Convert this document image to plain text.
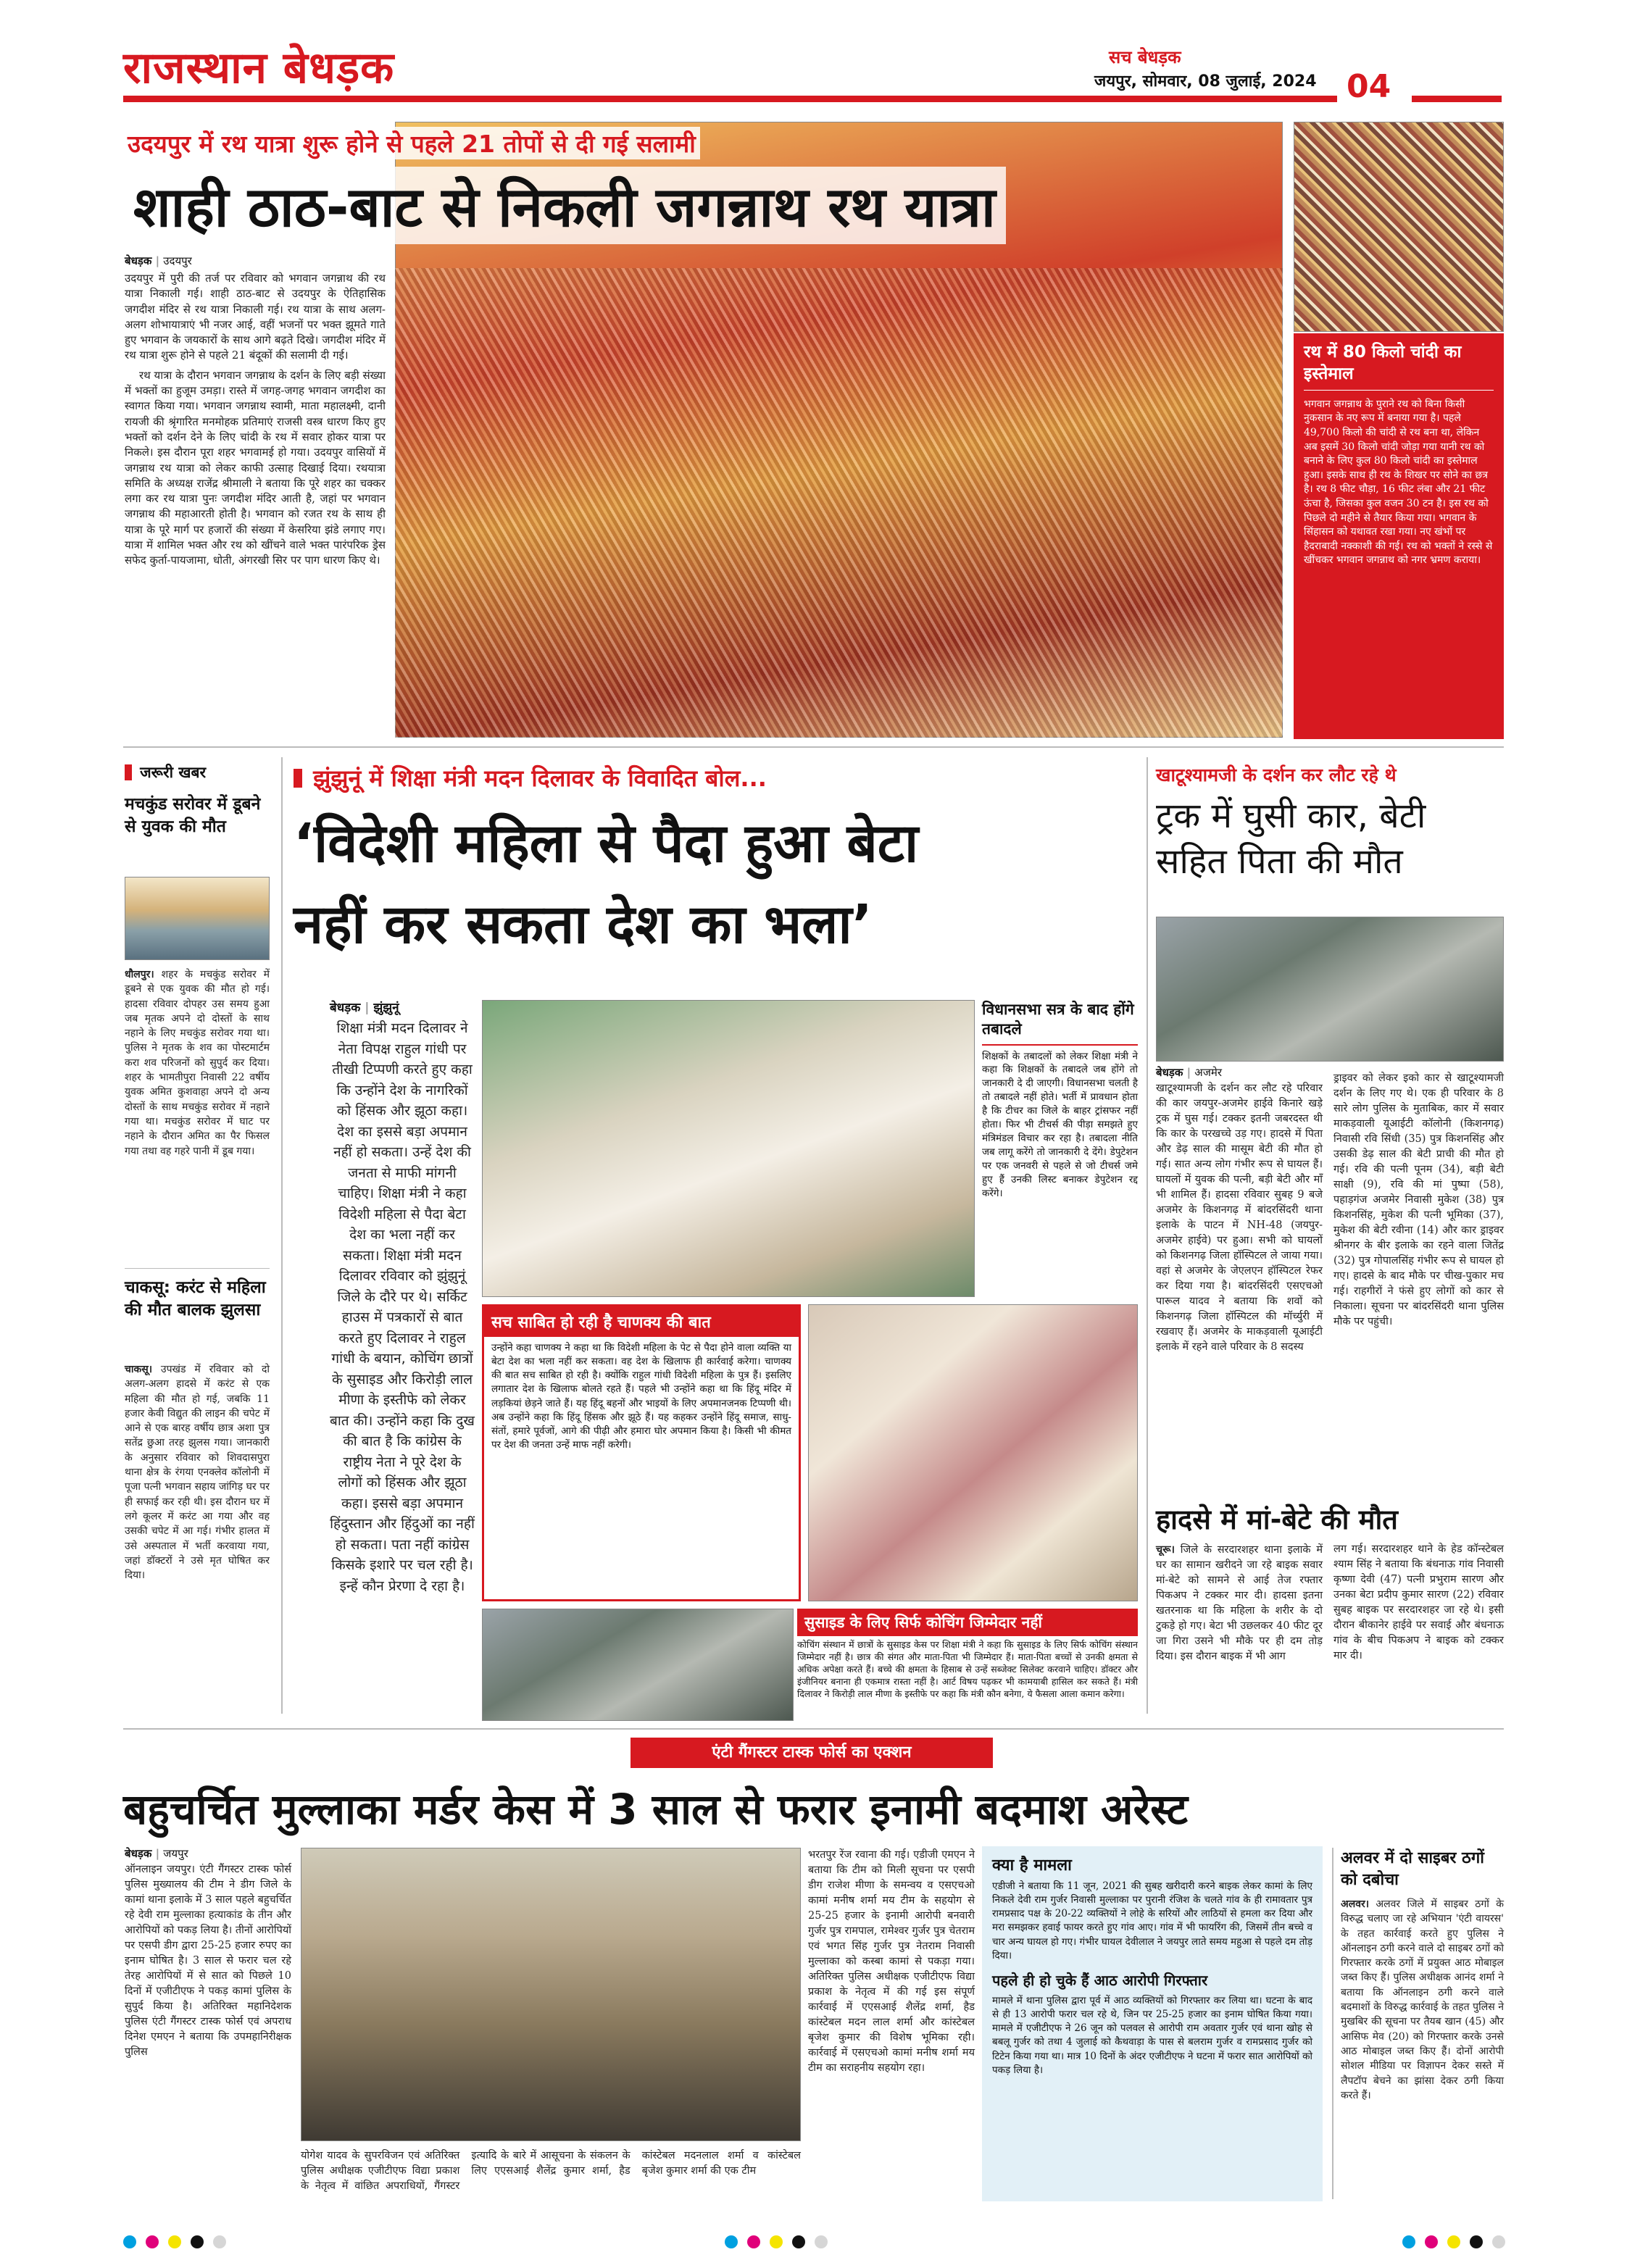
राजस्थान बेधड़क	सच बेधड़क
जयपुर, सोमवार, 08 जुलाई, 2024 04
उदयपुर में रथ यात्रा शुरू होने से पहले 21 तोपों से दी गई सलामी
शाही ठाठ-बाट से निकली जगन्नाथ रथ यात्रा
बेधड़क | उदयपुर

उदयपुर में पुरी की तर्ज पर रविवार को भगवान जगन्नाथ की रथ यात्रा निकाली गई। शाही ठाठ-बाट से उदयपुर के ऐतिहासिक जगदीश मंदिर से रथ यात्रा निकाली गई। रथ यात्रा के साथ अलग-अलग शोभायात्राएं भी नजर आई, वहीं भजनों पर भक्त झूमते गाते हुए भगवान के जयकारों के साथ आगे बढ़ते दिखे। जगदीश मंदिर में रथ यात्रा शुरू होने से पहले 21 बंदूकों की सलामी दी गई।

रथ यात्रा के दौरान भगवान जगन्नाथ के दर्शन के लिए बड़ी संख्या में भक्तों का हुजूम उमड़ा। रास्ते में जगह-जगह भगवान जगदीश का स्वागत किया गया। भगवान जगन्नाथ स्वामी, माता महालक्ष्मी, दानी रायजी की श्रृंगारित मनमोहक प्रतिमाएं राजसी वस्त्र धारण किए हुए भक्तों को दर्शन देने के लिए चांदी के रथ में सवार होकर यात्रा पर निकले। इस दौरान पूरा शहर भगवामई हो गया। उदयपुर वासियों में जगन्नाथ रथ यात्रा को लेकर काफी उत्साह दिखाई दिया। रथयात्रा समिति के अध्यक्ष राजेंद्र श्रीमाली ने बताया कि पूरे शहर का चक्कर लगा कर रथ यात्रा पुनः जगदीश मंदिर आती है, जहां पर भगवान जगन्नाथ की महाआरती होती है। भगवान को रजत रथ के साथ ही यात्रा के पूरे मार्ग पर हजारों की संख्या में केसरिया झंडे लगाए गए। यात्रा में शामिल भक्त और रथ को खींचने वाले भक्त पारंपरिक ड्रेस सफेद कुर्ता-पायजामा, धोती, अंगरखी सिर पर पाग धारण किए थे।

रथ में 80 किलो चांदी का इस्तेमाल
भगवान जगन्नाथ के पुराने रथ को बिना किसी नुकसान के नए रूप में बनाया गया है। पहले 49,700 किलो की चांदी से रथ बना था, लेकिन अब इसमें 30 किलो चांदी जोड़ा गया यानी रथ को बनाने के लिए कुल 80 किलो चांदी का इस्तेमाल हुआ। इसके साथ ही रथ के शिखर पर सोने का छत्र है। रथ 8 फीट चौड़ा, 16 फीट लंबा और 21 फीट ऊंचा है, जिसका कुल वजन 30 टन है। इस रथ को पिछले दो महीने से तैयार किया गया। भगवान के सिंहासन को यथावत रखा गया। नए खंभों पर हैदराबादी नक्काशी की गई। रथ को भक्तों ने रस्से से खींचकर भगवान जगन्नाथ को नगर भ्रमण कराया।
जरूरी खबर
मचकुंड सरोवर में डूबने से युवक की मौत
धौलपुर। शहर के मचकुंड सरोवर में डूबने से एक युवक की मौत हो गई। हादसा रविवार दोपहर उस समय हुआ जब मृतक अपने दो दोस्तों के साथ नहाने के लिए मचकुंड सरोवर गया था। पुलिस ने मृतक के शव का पोस्टमार्टम करा शव परिजनों को सुपुर्द कर दिया। शहर के भामतीपुरा निवासी 22 वर्षीय युवक अमित कुशवाहा अपने दो अन्य दोस्तों के साथ मचकुंड सरोवर में नहाने गया था। मचकुंड सरोवर में घाट पर नहाने के दौरान अमित का पैर फिसल गया तथा वह गहरे पानी में डूब गया।
चाकसू: करंट से महिला की मौत बालक झुलसा
चाकसू। उपखंड में रविवार को दो अलग-अलग हादसे में करंट से एक महिला की मौत हो गई, जबकि 11 हजार केवी विद्युत की लाइन की चपेट में आने से एक बारह वर्षीय छात्र अशा पुत्र सतेंद्र छुआ तरह झुलस गया। जानकारी के अनुसार रविवार को शिवदासपुरा थाना क्षेत्र के रंगया एनक्लेव कॉलोनी में पूजा पत्नी भगवान सहाय जांगिड़ घर पर ही सफाई कर रही थी। इस दौरान घर में लगे कूलर में करंट आ गया और वह उसकी चपेट में आ गई। गंभीर हालत में उसे अस्पताल में भर्ती करवाया गया, जहां डॉक्टरों ने उसे मृत घोषित कर दिया।
झुंझुनूं में शिक्षा मंत्री मदन दिलावर के विवादित बोल...
‘विदेशी महिला से पैदा हुआ बेटा
नहीं कर सकता देश का भला’
बेधड़क | झुंझुनूं
शिक्षा मंत्री मदन दिलावर ने नेता विपक्ष राहुल गांधी पर तीखी टिप्पणी करते हुए कहा कि उन्होंने देश के नागरिकों को हिंसक और झूठा कहा। देश का इससे बड़ा अपमान नहीं हो सकता। उन्हें देश की जनता से माफी मांगनी चाहिए। शिक्षा मंत्री ने कहा विदेशी महिला से पैदा बेटा देश का भला नहीं कर सकता। शिक्षा मंत्री मदन दिलावर रविवार को झुंझुनूं जिले के दौरे पर थे। सर्किट हाउस में पत्रकारों से बात करते हुए दिलावर ने राहुल गांधी के बयान, कोचिंग छात्रों के सुसाइड और किरोड़ी लाल मीणा के इस्तीफे को लेकर बात की। उन्होंने कहा कि दुख की बात है कि कांग्रेस के राष्ट्रीय नेता ने पूरे देश के लोगों को हिंसक और झूठा कहा। इससे बड़ा अपमान हिंदुस्तान और हिंदुओं का नहीं हो सकता। पता नहीं कांग्रेस किसके इशारे पर चल रही है। इन्हें कौन प्रेरणा दे रहा है।
विधानसभा सत्र के बाद होंगे तबादले
शिक्षकों के तबादलों को लेकर शिक्षा मंत्री ने कहा कि शिक्षकों के तबादले जब होंगे तो जानकारी दे दी जाएगी। विधानसभा चलती है तो तबादले नहीं होते। भर्ती में प्रावधान होता है कि टीचर का जिले के बाहर ट्रांसफर नहीं होता। फिर भी टीचर्स की पीड़ा समझते हुए मंत्रिमंडल विचार कर रहा है। तबादला नीति जब लागू करेंगे तो जानकारी दे देंगे। डेपुटेशन पर एक जनवरी से पहले से जो टीचर्स जमे हुए हैं उनकी लिस्ट बनाकर डेपुटेशन रद्द करेंगे।
सच साबित हो रही है चाणक्य की बात
उन्होंने कहा चाणक्य ने कहा था कि विदेशी महिला के पेट से पैदा होने वाला व्यक्ति या बेटा देश का भला नहीं कर सकता। वह देश के खिलाफ ही कार्रवाई करेगा। चाणक्य की बात सच साबित हो रही है। क्योंकि राहुल गांधी विदेशी महिला के पुत्र हैं। इसलिए लगातार देश के खिलाफ बोलते रहते हैं। पहले भी उन्होंने कहा था कि हिंदू मंदिर में लड़कियां छेड़ने जाते हैं। यह हिंदू बहनों और भाइयों के लिए अपमानजनक टिप्पणी थी। अब उन्होंने कहा कि हिंदू हिंसक और झूठे हैं। यह कहकर उन्होंने हिंदू समाज, साधु-संतों, हमारे पूर्वजों, आगे की पीढ़ी और हमारा घोर अपमान किया है। किसी भी कीमत पर देश की जनता उन्हें माफ नहीं करेगी।
सुसाइड के लिए सिर्फ कोचिंग जिम्मेदार नहीं
कोचिंग संस्थान में छात्रों के सुसाइड केस पर शिक्षा मंत्री ने कहा कि सुसाइड के लिए सिर्फ कोचिंग संस्थान जिम्मेदार नहीं है। छात्र की संगत और माता-पिता भी जिम्मेदार हैं। माता-पिता बच्चों से उनकी क्षमता से अधिक अपेक्षा करते हैं। बच्चे की क्षमता के हिसाब से उन्हें सब्जेक्ट सिलेक्ट करवाने चाहिए। डॉक्टर और इंजीनियर बनाना ही एकमात्र रास्ता नहीं है। आर्ट विषय पढ़कर भी कामयाबी हासिल कर सकते हैं। मंत्री दिलावर ने किरोड़ी लाल मीणा के इस्तीफे पर कहा कि मंत्री कौन बनेगा, ये फैसला आला कमान करेगा।
खाटूश्यामजी के दर्शन कर लौट रहे थे
ट्रक में घुसी कार, बेटी सहित पिता की मौत
बेधड़क | अजमेर
खाटूश्यामजी के दर्शन कर लौट रहे परिवार की कार जयपुर-अजमेर हाईवे किनारे खड़े ट्रक में घुस गई। टक्कर इतनी जबरदस्त थी कि कार के परखच्चे उड़ गए। हादसे में पिता और डेढ़ साल की मासूम बेटी की मौत हो गई। सात अन्य लोग गंभीर रूप से घायल हैं। घायलों में युवक की पत्नी, बड़ी बेटी और माँ भी शामिल हैं। हादसा रविवार सुबह 9 बजे अजमेर के किशनगढ़ में बांदरसिंदरी थाना इलाके के पाटन में NH-48 (जयपुर-अजमेर हाईवे) पर हुआ। सभी को घायलों को किशनगढ़ जिला हॉस्पिटल ले जाया गया। वहां से अजमेर के जेएलएन हॉस्पिटल रेफर कर दिया गया है। बांदरसिंदरी एसएचओ पारूल यादव ने बताया कि शवों को किशनगढ़ जिला हॉस्पिटल की मॉर्च्युरी में रखवाए हैं। अजमेर के माकड़वाली यूआईटी इलाके में रहने वाले परिवार के 8 सदस्य
ड्राइवर को लेकर इको कार से खाटूश्यामजी दर्शन के लिए गए थे। एक ही परिवार के 8 सारे लोग पुलिस के मुताबिक, कार में सवार माकड़वाली यूआईटी कॉलोनी (किशनगढ़) निवासी रवि सिंधी (35) पुत्र किशनसिंह और उसकी डेढ़ साल की बेटी प्राची की मौत हो गई। रवि की पत्नी पूनम (34), बड़ी बेटी साक्षी (9), रवि की मां पुष्पा (58), पहाड़गंज अजमेर निवासी मुकेश (38) पुत्र किशनसिंह, मुकेश की पत्नी भूमिका (37), मुकेश की बेटी रवीना (14) और कार ड्राइवर श्रीनगर के बीर इलाके का रहने वाला जितेंद्र (32) पुत्र गोपालसिंह गंभीर रूप से घायल हो गए। हादसे के बाद मौके पर चीख-पुकार मच गई। राहगीरों ने फंसे हुए लोगों को कार से निकाला। सूचना पर बांदरसिंदरी थाना पुलिस मौके पर पहुंची।
हादसे में मां-बेटे की मौत
चूरू। जिले के सरदारशहर थाना इलाके में घर का सामान खरीदने जा रहे बाइक सवार मां-बेटे को सामने से आई तेज रफ्तार पिकअप ने टक्कर मार दी। हादसा इतना खतरनाक था कि महिला के शरीर के दो टुकड़े हो गए। बेटा भी उछलकर 40 फीट दूर जा गिरा उसने भी मौके पर ही दम तोड़ दिया। इस दौरान बाइक में भी आग
लग गई। सरदारशहर थाने के हेड कॉन्स्टेबल श्याम सिंह ने बताया कि बंधनाऊ गांव निवासी कृष्णा देवी (47) पत्नी प्रभुराम सारण और उनका बेटा प्रदीप कुमार सारण (22) रविवार सुबह बाइक पर सरदारशहर जा रहे थे। इसी दौरान बीकानेर हाईवे पर सवाई और बंधनाऊ गांव के बीच पिकअप ने बाइक को टक्कर मार दी।
एंटी गैंगस्टर टास्क फोर्स का एक्शन
बहुचर्चित मुल्लाका मर्डर केस में 3 साल से फरार इनामी बदमाश अरेस्ट
बेधड़क | जयपुर
ऑनलाइन जयपुर। एंटी गैंगस्टर टास्क फोर्स पुलिस मुख्यालय की टीम ने डीग जिले के कामां थाना इलाके में 3 साल पहले बहुचर्चित रहे देवी राम मुल्लाका हत्याकांड के तीन और आरोपियों को पकड़ लिया है। तीनों आरोपियों पर एसपी डीग द्वारा 25-25 हजार रुपए का इनाम घोषित है। 3 साल से फरार चल रहे तेरह आरोपियों में से सात को पिछले 10 दिनों में एजीटीएफ ने पकड़ कामां पुलिस के सुपुर्द किया है। अतिरिक्त महानिदेशक पुलिस एंटी गैंगस्टर टास्क फोर्स एवं अपराध दिनेश एमएन ने बताया कि उपमहानिरीक्षक पुलिस
योगेश यादव के सुपरविजन एवं अतिरिक्त पुलिस अधीक्षक एजीटीएफ विद्या प्रकाश के नेतृत्व में वांछित अपराधियों, गैंगस्टर इत्यादि के बारे में आसूचना के संकलन के लिए एएसआई शैलेंद्र कुमार शर्मा, हैड कांस्टेबल मदनलाल शर्मा व कांस्टेबल बृजेश कुमार शर्मा की एक टीम
भरतपुर रेंज रवाना की गई। एडीजी एमएन ने बताया कि टीम को मिली सूचना पर एसपी डीग राजेश मीणा के समन्वय व एसएचओ कामां मनीष शर्मा मय टीम के सहयोग से 25-25 हजार के इनामी आरोपी बनवारी गुर्जर पुत्र रामपाल, रामेश्वर गुर्जर पुत्र चेतराम एवं भगत सिंह गुर्जर पुत्र नेतराम निवासी मुल्लाका को कस्बा कामां से पकड़ा गया। अतिरिक्त पुलिस अधीक्षक एजीटीएफ विद्या प्रकाश के नेतृत्व में की गई इस संपूर्ण कार्रवाई में एएसआई शैलेंद्र शर्मा, हैड कांस्टेबल मदन लाल शर्मा और कांस्टेबल बृजेश कुमार की विशेष भूमिका रही। कार्रवाई में एसएचओ कामां मनीष शर्मा मय टीम का सराहनीय सहयोग रहा।
क्या है मामला
एडीजी ने बताया कि 11 जून, 2021 की सुबह खरीदारी करने बाइक लेकर कामां के लिए निकले देवी राम गुर्जर निवासी मुल्लाका पर पुरानी रंजिश के चलते गांव के ही रामावतार पुत्र रामप्रसाद पक्ष के 20-22 व्यक्तियों ने लोहे के सरियों और लाठियों से हमला कर दिया और मरा समझकर हवाई फायर करते हुए गांव आए। गांव में भी फायरिंग की, जिसमें तीन बच्चे व चार अन्य घायल हो गए। गंभीर घायल देवीलाल ने जयपुर लाते समय महुआ से पहले दम तोड़ दिया।
पहले ही हो चुके हैं आठ आरोपी गिरफ्तार
मामले में थाना पुलिस द्वारा पूर्व में आठ व्यक्तियों को गिरफ्तार कर लिया था। घटना के बाद से ही 13 आरोपी फरार चल रहे थे, जिन पर 25-25 हजार का इनाम घोषित किया गया। मामले में एजीटीएफ ने 26 जून को पलवल से आरोपी राम अवतार गुर्जर एवं थाना खोह से बबलू गुर्जर को तथा 4 जुलाई को कैथवाड़ा के पास से बलराम गुर्जर व रामप्रसाद गुर्जर को टिटेन किया गया था। मात्र 10 दिनों के अंदर एजीटीएफ ने घटना में फरार सात आरोपियों को पकड़ लिया है।
अलवर में दो साइबर ठगों को दबोचा
अलवर। अलवर जिले में साइबर ठगों के विरुद्ध चलाए जा रहे अभियान 'एंटी वायरस' के तहत कार्रवाई करते हुए पुलिस ने ऑनलाइन ठगी करने वाले दो साइबर ठगों को गिरफ्तार करके ठगों में प्रयुक्त आठ मोबाइल जब्त किए हैं। पुलिस अधीक्षक आनंद शर्मा ने बताया कि ऑनलाइन ठगी करने वाले बदमाशों के विरुद्ध कार्रवाई के तहत पुलिस ने मुखबिर की सूचना पर तैयब खान (45) और आसिफ मेव (20) को गिरफ्तार करके उनसे आठ मोबाइल जब्त किए हैं। दोनों आरोपी सोशल मीडिया पर विज्ञापन देकर सस्ते में लैपटॉप बेचने का झांसा देकर ठगी किया करते हैं।
